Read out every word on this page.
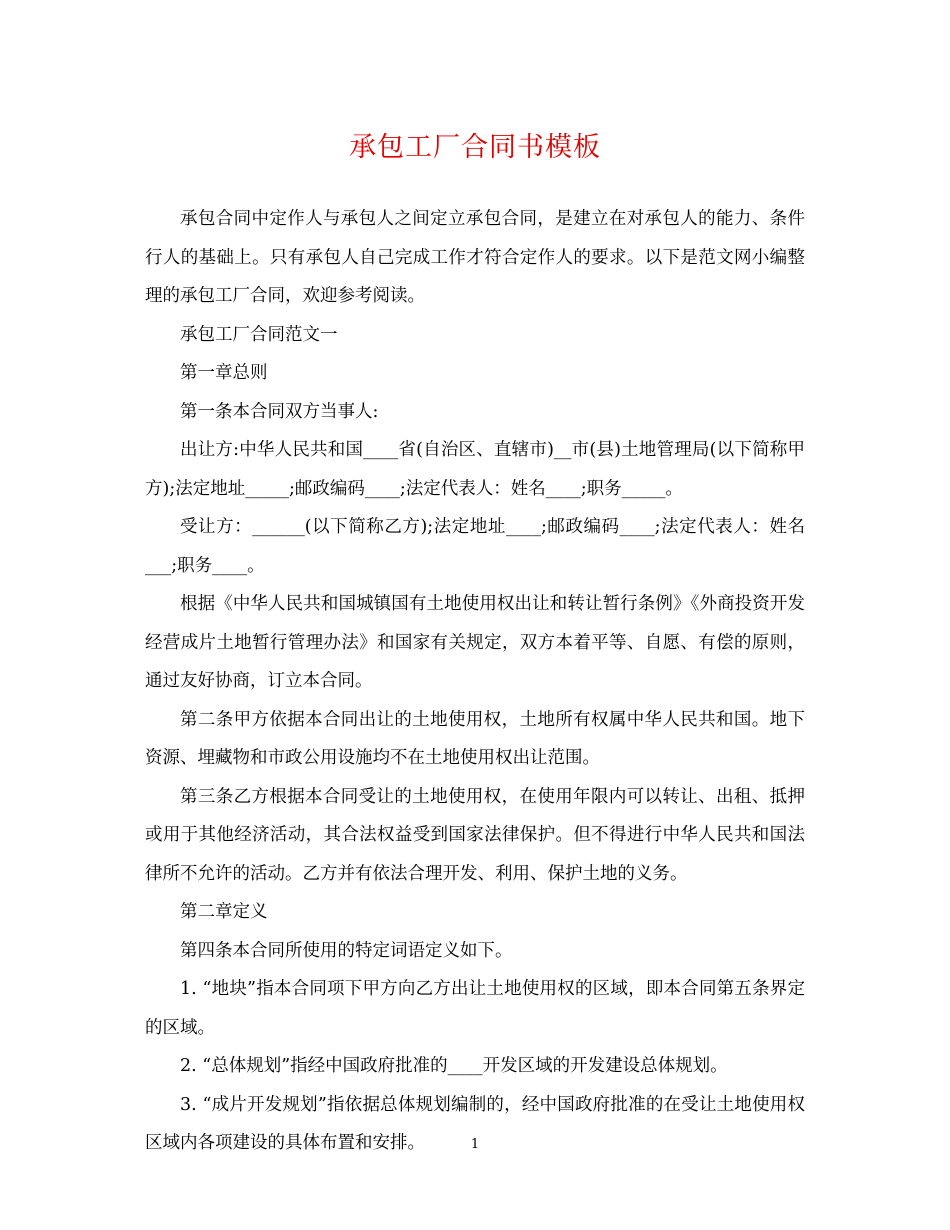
承包工厂合同书模板

承包合同中定作人与承包人之间定立承包合同，是建立在对承包人的能力、条件行人的基础上。只有承包人自己完成工作才符合定作人的要求。以下是范文网小编整理的承包工厂合同，欢迎参考阅读。

承包工厂合同范文一

第一章总则

第一条本合同双方当事人:

出让方:中华人民共和国____省(自治区、直辖市)__市(县)土地管理局(以下简称甲方);法定地址_____;邮政编码____;法定代表人：姓名____;职务_____。

受让方：______(以下简称乙方);法定地址____;邮政编码____;法定代表人：姓名___;职务____。

根据《中华人民共和国城镇国有土地使用权出让和转让暂行条例》《外商投资开发经营成片土地暂行管理办法》和国家有关规定，双方本着平等、自愿、有偿的原则，通过友好协商，订立本合同。

第二条甲方依据本合同出让的土地使用权，土地所有权属中华人民共和国。地下资源、埋藏物和市政公用设施均不在土地使用权出让范围。

第三条乙方根据本合同受让的土地使用权，在使用年限内可以转让、出租、抵押或用于其他经济活动，其合法权益受到国家法律保护。但不得进行中华人民共和国法律所不允许的活动。乙方并有依法合理开发、利用、保护土地的义务。

第二章定义

第四条本合同所使用的特定词语定义如下。

1. “地块”指本合同项下甲方向乙方出让土地使用权的区域，即本合同第五条界定的区域。

2. “总体规划”指经中国政府批准的____开发区域的开发建设总体规划。

3. “成片开发规划”指依据总体规划编制的，经中国政府批准的在受让土地使用权区域内各项建设的具体布置和安排。	1
